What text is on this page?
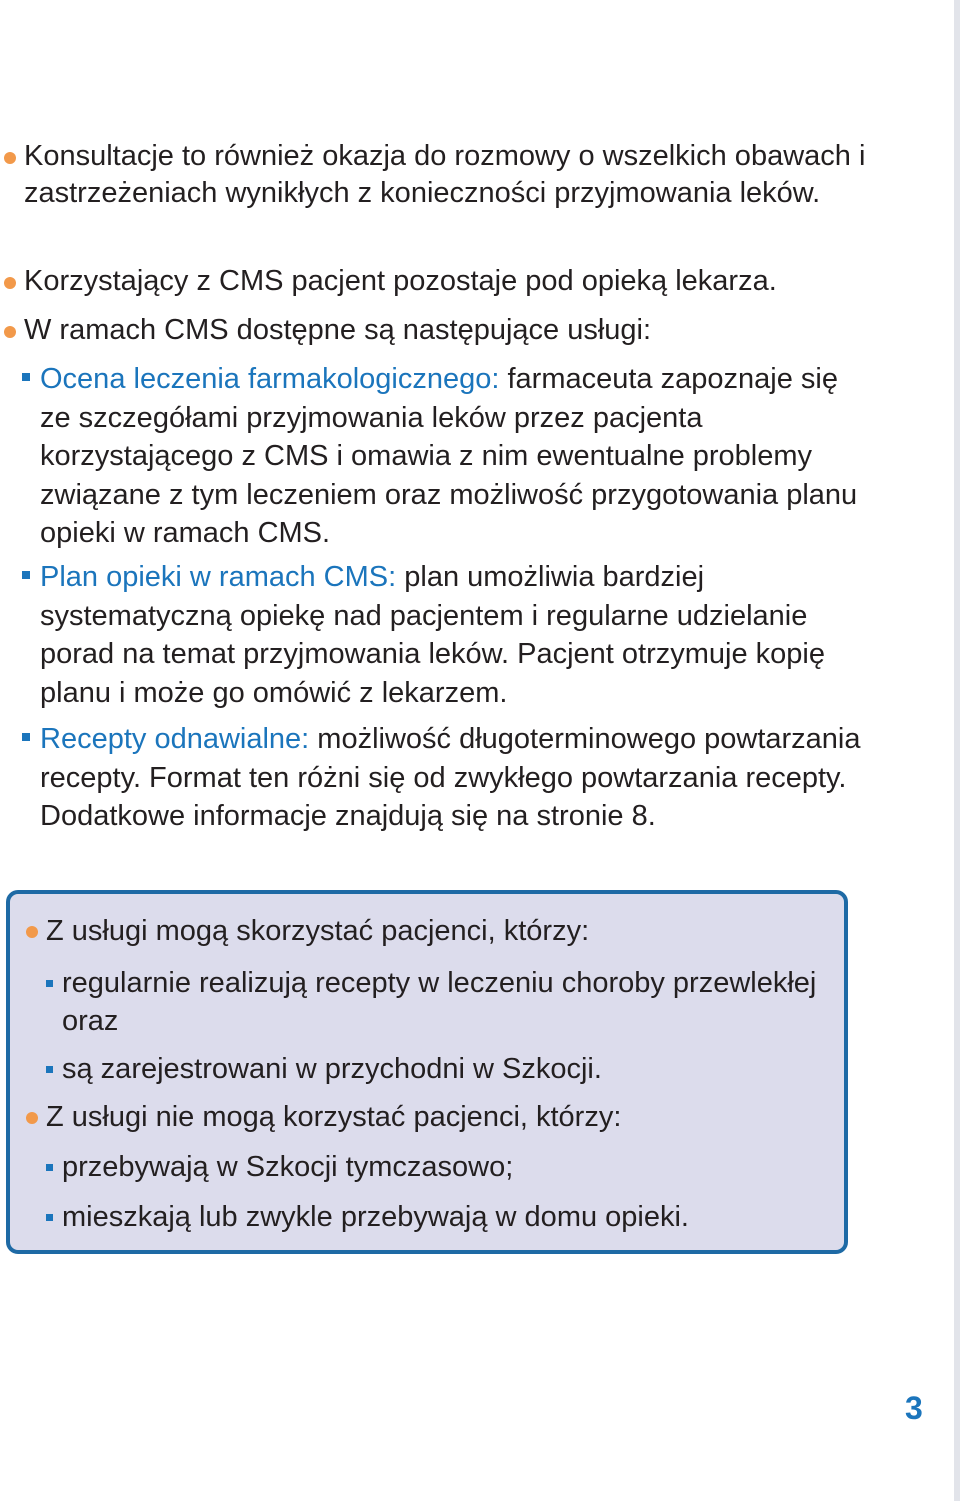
Konsultacje to również okazja do rozmowy o wszelkich obawach i zastrzeżeniach wynikłych z konieczności przyjmowania leków.
Korzystający z CMS pacjent pozostaje pod opieką lekarza.
W ramach CMS dostępne są następujące usługi:
Ocena leczenia farmakologicznego: farmaceuta zapoznaje się ze szczegółami przyjmowania leków przez pacjenta korzystającego z CMS i omawia z nim ewentualne problemy związane z tym leczeniem oraz możliwość przygotowania planu opieki w ramach CMS.
Plan opieki w ramach CMS: plan umożliwia bardziej systematyczną opiekę nad pacjentem i regularne udzielanie porad na temat przyjmowania leków. Pacjent otrzymuje kopię planu i może go omówić z lekarzem.
Recepty odnawialne: możliwość długoterminowego powtarzania recepty. Format ten różni się od zwykłego powtarzania recepty. Dodatkowe informacje znajdują się na stronie 8.
Z usługi mogą skorzystać pacjenci, którzy:
regularnie realizują recepty w leczeniu choroby przewlekłej oraz
są zarejestrowani w przychodni w Szkocji.
Z usługi nie mogą korzystać pacjenci, którzy:
przebywają w Szkocji tymczasowo;
mieszkają lub zwykle przebywają w domu opieki.
3
